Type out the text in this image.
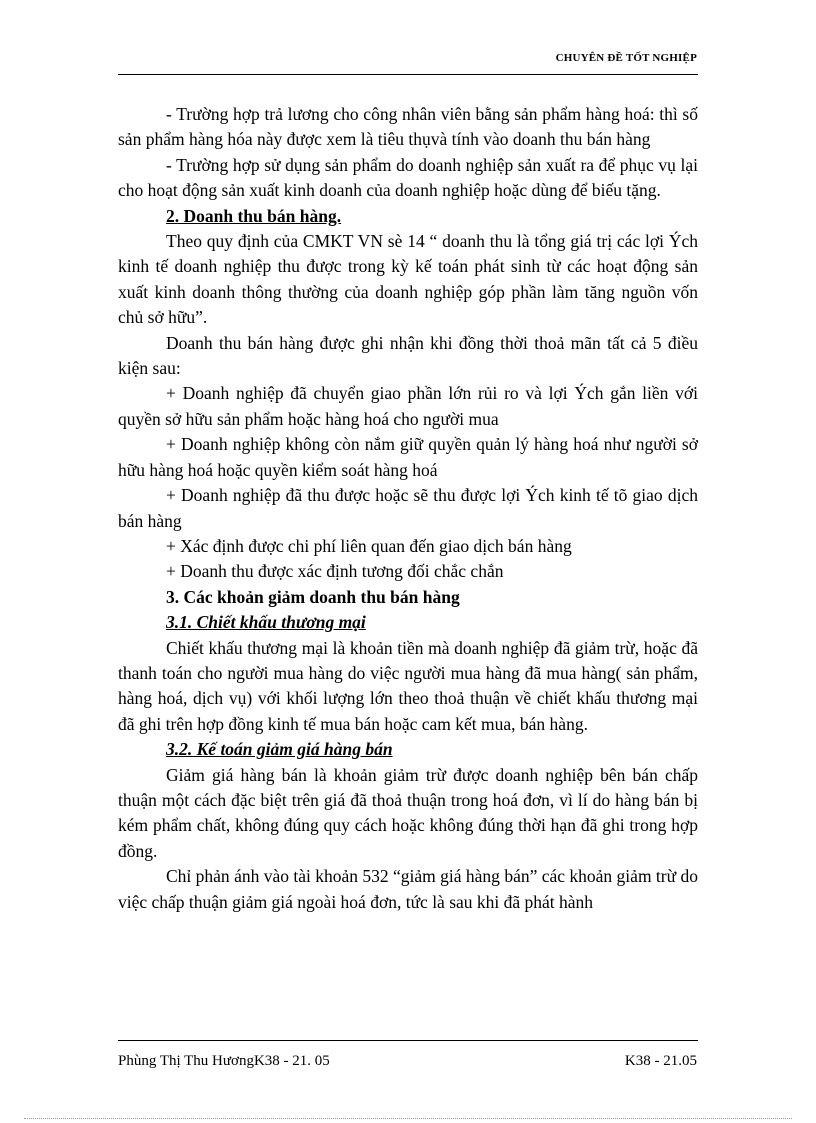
CHUYÊN ĐỀ TỐT NGHIỆP

- Trường hợp trả lương cho công nhân viên bằng sản phẩm hàng hoá: thì số sản phẩm hàng hóa này được xem là tiêu thụvà tính vào doanh thu bán hàng

- Trường hợp sử dụng sản phẩm do doanh nghiệp sản xuất ra để phục vụ lại cho hoạt động sản xuất kinh doanh của doanh nghiệp hoặc dùng để biếu tặng.

2. Doanh thu bán hàng.

Theo quy định của CMKT VN sè 14 “ doanh thu là tổng giá trị các lợi Ých kinh tế doanh nghiệp thu được trong kỳ kế toán phát sinh từ các hoạt động sản xuất kinh doanh thông thường của doanh nghiệp góp phần làm tăng nguồn vốn chủ sở hữu”.

Doanh thu bán hàng được ghi nhận khi đồng thời thoả mãn tất cả 5 điều kiện sau:

+ Doanh nghiệp đã chuyển giao phần lớn rủi ro và lợi Ých gắn liền với quyền sở hữu sản phẩm hoặc hàng hoá cho người mua

+ Doanh nghiệp không còn nắm giữ quyền quản lý hàng hoá như người sở hữu hàng hoá hoặc quyền kiểm soát hàng hoá

+ Doanh nghiệp đã thu được hoặc sẽ thu được lợi Ých kinh tế tõ giao dịch bán hàng

+ Xác định được chi phí liên quan đến giao dịch bán hàng

+ Doanh thu được xác định tương đối chắc chắn

3. Các khoản giảm doanh thu bán hàng

3.1. Chiết khấu thương mại

Chiết khấu thương mại là khoản tiền mà doanh nghiệp đã giảm trừ, hoặc đã thanh toán cho người mua hàng do việc người mua hàng đã mua hàng( sản phẩm, hàng hoá, dịch vụ) với khối lượng lớn theo thoả thuận về chiết khấu thương mại đã ghi trên hợp đồng kinh tế mua bán hoặc cam kết mua, bán hàng.

3.2. Kế toán giảm giá hàng bán

Giảm giá hàng bán là khoản giảm trừ được doanh nghiệp bên bán chấp thuận một cách đặc biệt trên giá đã thoả thuận trong hoá đơn, vì lí do hàng bán bị kém phẩm chất, không đúng quy cách hoặc không đúng thời hạn đã ghi trong hợp đồng.

Chỉ phản ánh vào tài khoản 532 “giảm giá hàng bán” các khoản giảm trừ do việc chấp thuận giảm giá ngoài hoá đơn, tức là sau khi đã phát hành

Phùng Thị Thu HươngK38 - 21. 05	K38 - 21.05
